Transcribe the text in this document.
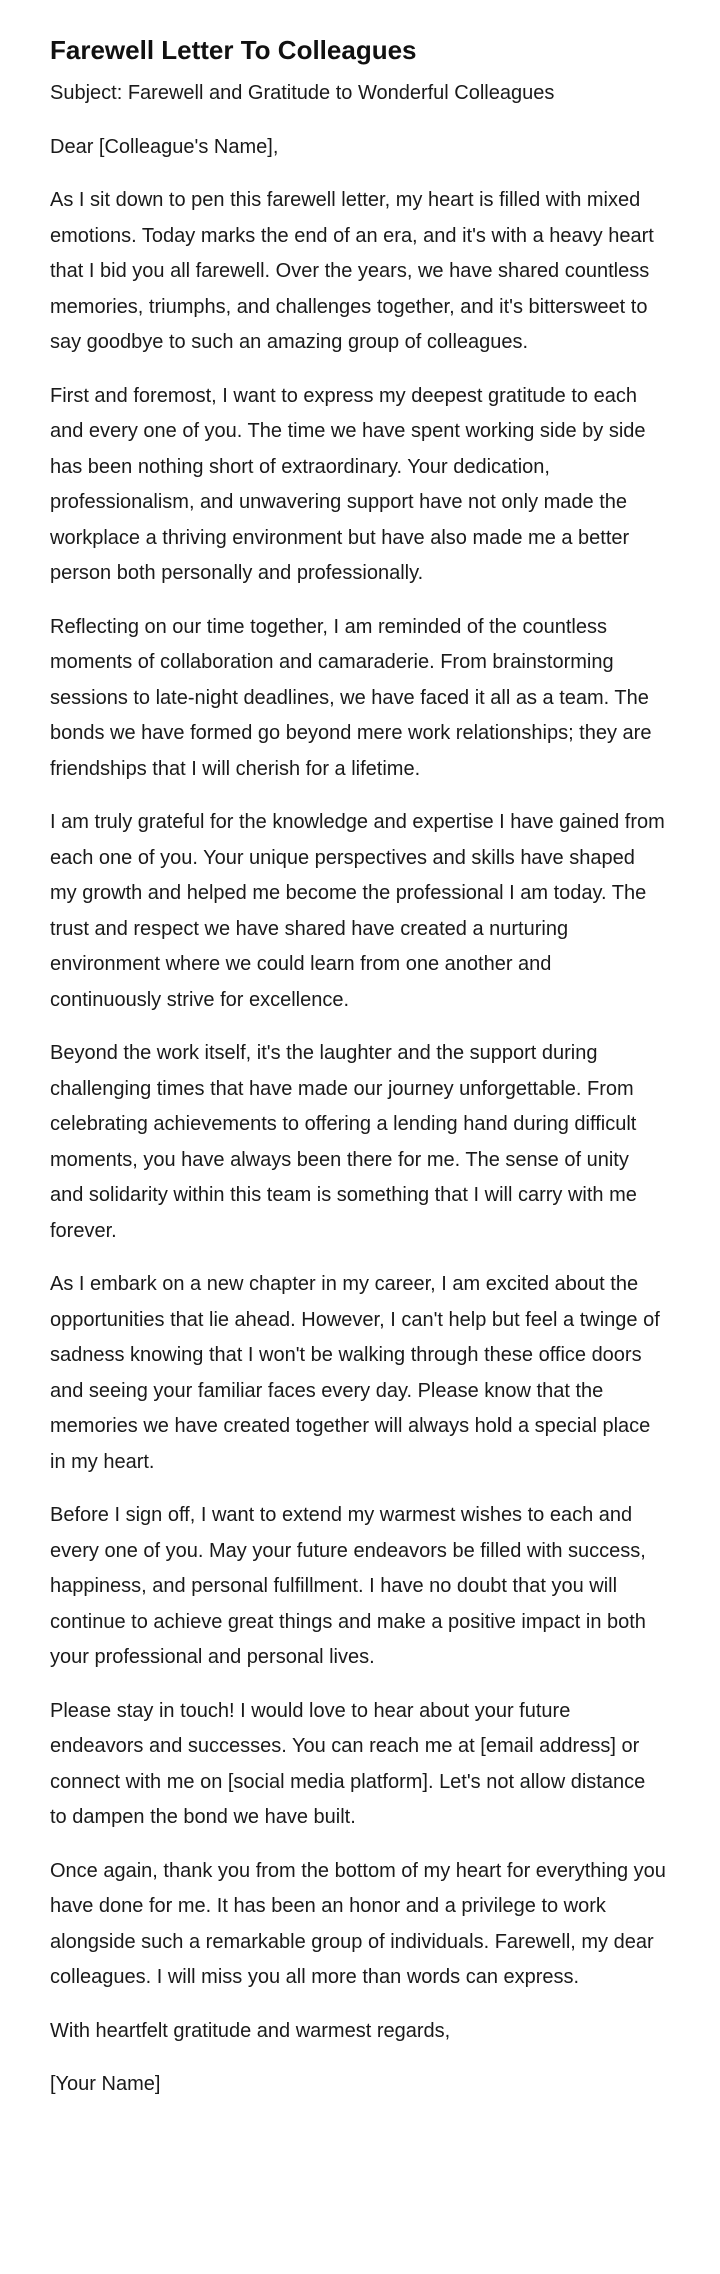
Farewell Letter To Colleagues

Subject: Farewell and Gratitude to Wonderful Colleagues

Dear [Colleague's Name],

As I sit down to pen this farewell letter, my heart is filled with mixed emotions. Today marks the end of an era, and it's with a heavy heart that I bid you all farewell. Over the years, we have shared countless memories, triumphs, and challenges together, and it's bittersweet to say goodbye to such an amazing group of colleagues.

First and foremost, I want to express my deepest gratitude to each and every one of you. The time we have spent working side by side has been nothing short of extraordinary. Your dedication, professionalism, and unwavering support have not only made the workplace a thriving environment but have also made me a better person both personally and professionally.

Reflecting on our time together, I am reminded of the countless moments of collaboration and camaraderie. From brainstorming sessions to late-night deadlines, we have faced it all as a team. The bonds we have formed go beyond mere work relationships; they are friendships that I will cherish for a lifetime.

I am truly grateful for the knowledge and expertise I have gained from each one of you. Your unique perspectives and skills have shaped my growth and helped me become the professional I am today. The trust and respect we have shared have created a nurturing environment where we could learn from one another and continuously strive for excellence.

Beyond the work itself, it's the laughter and the support during challenging times that have made our journey unforgettable. From celebrating achievements to offering a lending hand during difficult moments, you have always been there for me. The sense of unity and solidarity within this team is something that I will carry with me forever.

As I embark on a new chapter in my career, I am excited about the opportunities that lie ahead. However, I can't help but feel a twinge of sadness knowing that I won't be walking through these office doors and seeing your familiar faces every day. Please know that the memories we have created together will always hold a special place in my heart.

Before I sign off, I want to extend my warmest wishes to each and every one of you. May your future endeavors be filled with success, happiness, and personal fulfillment. I have no doubt that you will continue to achieve great things and make a positive impact in both your professional and personal lives.

Please stay in touch! I would love to hear about your future endeavors and successes. You can reach me at [email address] or connect with me on [social media platform]. Let's not allow distance to dampen the bond we have built.

Once again, thank you from the bottom of my heart for everything you have done for me. It has been an honor and a privilege to work alongside such a remarkable group of individuals. Farewell, my dear colleagues. I will miss you all more than words can express.

With heartfelt gratitude and warmest regards,

[Your Name]
